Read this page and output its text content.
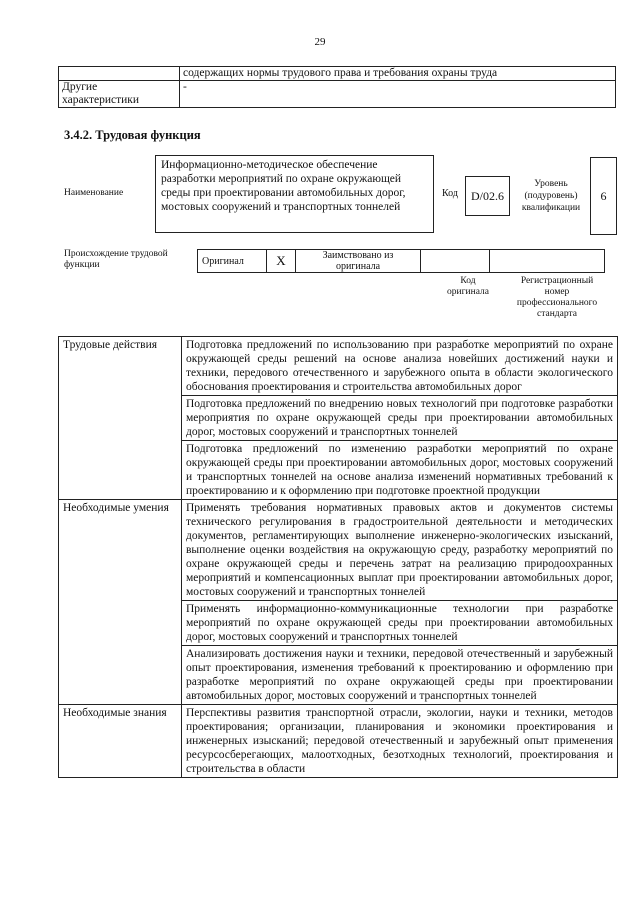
29
	содержащих нормы трудового права и требования охраны труда
Другие характеристики	-
3.4.2. Трудовая функция
Наименование
Информационно-методическое обеспечение разработки мероприятий по охране окружающей среды при проектировании автомобильных дорог, мостовых сооружений и транспортных тоннелей
Код	D/02.6
Уровень (подуровень) квалификации
6
Происхождение трудовой функции	Оригинал	X	Заимствовано из оригинала		
Код оригинала
Регистрационный номер профессионального стандарта
Трудовые действия	Подготовка предложений по использованию при разработке мероприятий по охране окружающей среды решений на основе анализа новейших достижений науки и техники, передового отечественного и зарубежного опыта в области экологического обоснования проектирования и строительства автомобильных дорог
	Подготовка предложений по внедрению новых технологий при подготовке разработки мероприятия по охране окружающей среды при проектировании автомобильных дорог, мостовых сооружений и транспортных тоннелей
	Подготовка предложений по изменению разработки мероприятий по охране окружающей среды при проектировании автомобильных дорог, мостовых сооружений и транспортных тоннелей на основе анализа изменений нормативных требований к проектированию и к оформлению при подготовке проектной продукции
Необходимые умения	Применять требования нормативных правовых актов и документов системы технического регулирования в градостроительной деятельности и методических документов, регламентирующих выполнение инженерно-экологических изысканий, выполнение оценки воздействия на окружающую среду, разработку мероприятий по охране окружающей среды и перечень затрат на реализацию природоохранных мероприятий и компенсационных выплат при проектировании автомобильных дорог, мостовых сооружений и транспортных тоннелей
	Применять информационно-коммуникационные технологии при разработке мероприятий по охране окружающей среды при проектировании автомобильных дорог, мостовых сооружений и транспортных тоннелей
	Анализировать достижения науки и техники, передовой отечественный и зарубежный опыт проектирования, изменения требований к проектированию и оформлению при разработке мероприятий по охране окружающей среды при проектировании автомобильных дорог, мостовых сооружений и транспортных тоннелей
Необходимые знания	Перспективы развития транспортной отрасли, экологии, науки и техники, методов проектирования; организации, планирования и экономики проектирования и инженерных изысканий; передовой отечественный и зарубежный опыт применения ресурсосберегающих, малоотходных, безотходных технологий, проектирования и строительства в области
